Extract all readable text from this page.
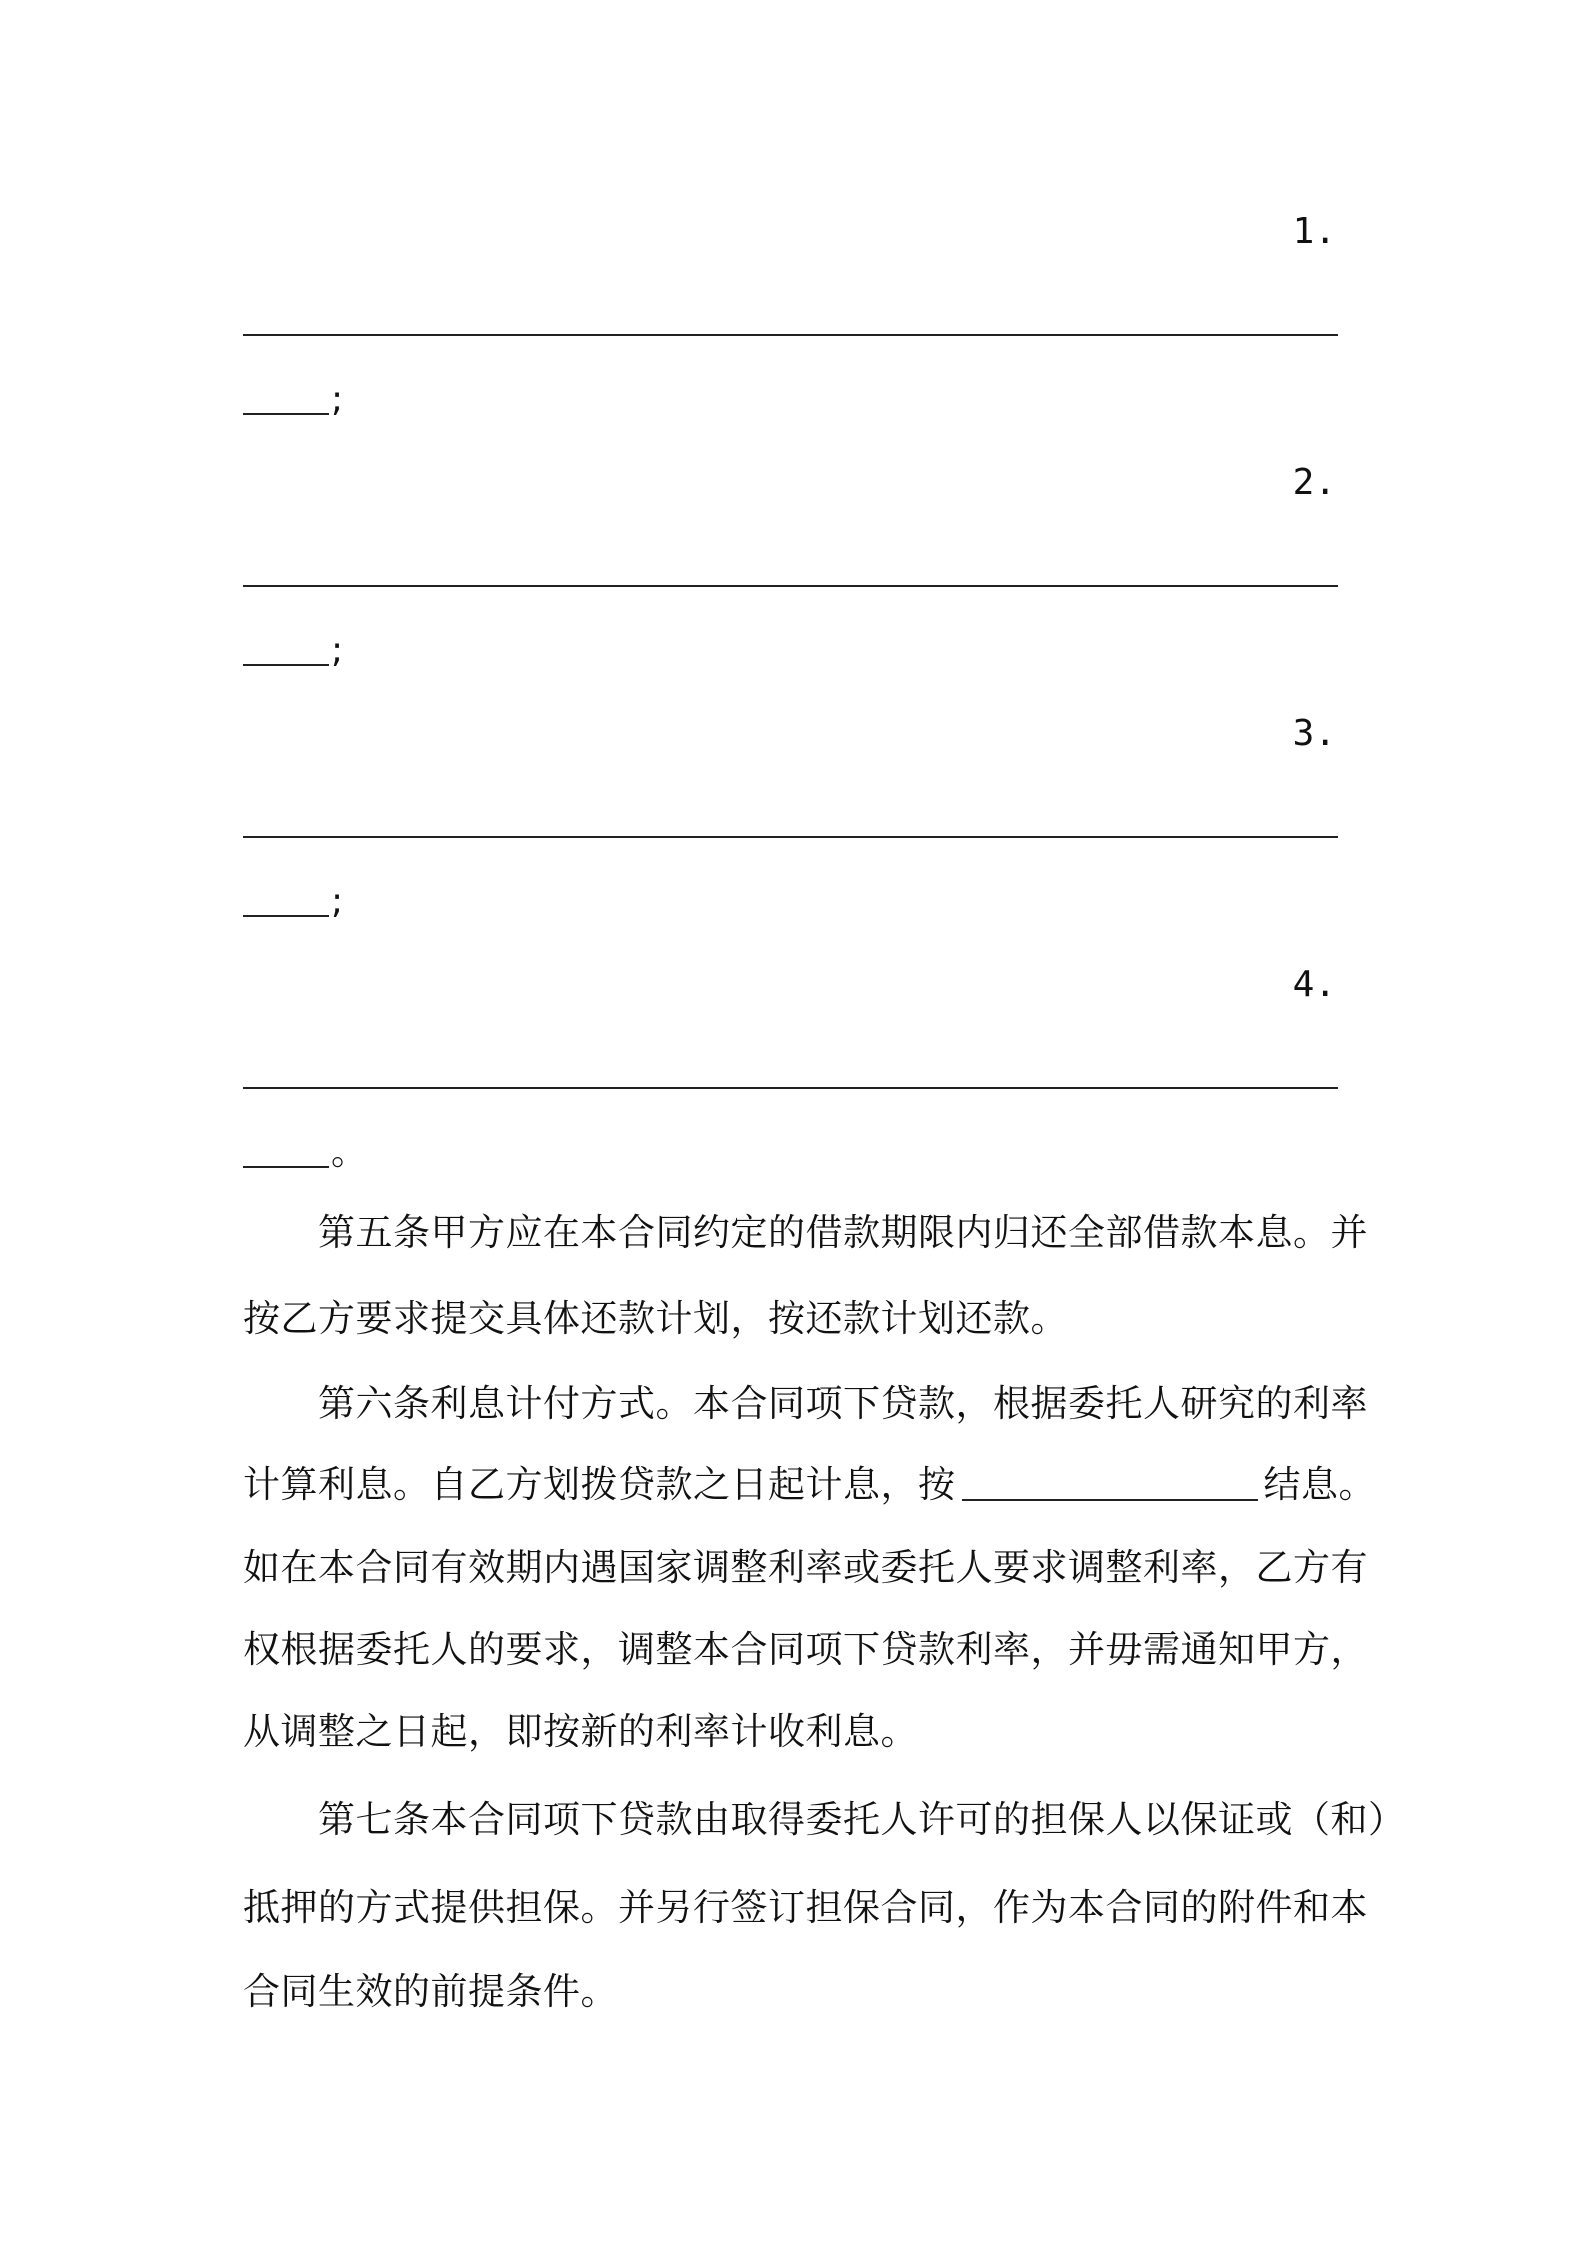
1.
;
2.
;
3.
;
4.
。
第五条甲方应在本合同约定的借款期限内归还全部借款本息。并
按乙方要求提交具体还款计划，按还款计划还款。
第六条利息计付方式。本合同项下贷款，根据委托人研究的利率
计算利息。自乙方划拨贷款之日起计息，按	结息。
如在本合同有效期内遇国家调整利率或委托人要求调整利率，乙方有
权根据委托人的要求，调整本合同项下贷款利率，并毋需通知甲方，
从调整之日起，即按新的利率计收利息。
第七条本合同项下贷款由取得委托人许可的担保人以保证或（和）
抵押的方式提供担保。并另行签订担保合同，作为本合同的附件和本
合同生效的前提条件。
